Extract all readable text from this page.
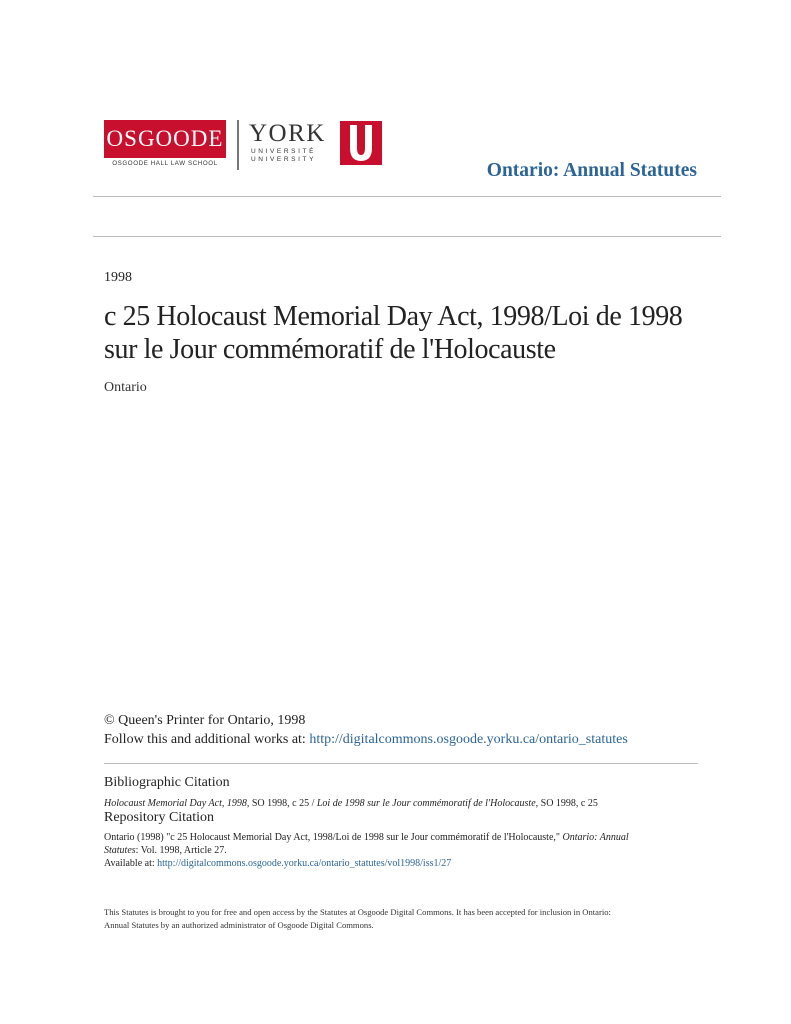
OSGOODE
OSGOODE HALL LAW SCHOOL
YORK
UNIVERSITÉ
UNIVERSITY
Ontario: Annual Statutes
1998
c 25 Holocaust Memorial Day Act, 1998/Loi de 1998 sur le Jour commémoratif de l'Holocauste
Ontario
© Queen's Printer for Ontario, 1998
Follow this and additional works at: http://digitalcommons.osgoode.yorku.ca/ontario_statutes
Bibliographic Citation
Holocaust Memorial Day Act, 1998, SO 1998, c 25 / Loi de 1998 sur le Jour commémoratif de l'Holocauste, SO 1998, c 25
Repository Citation
Ontario (1998) "c 25 Holocaust Memorial Day Act, 1998/Loi de 1998 sur le Jour commémoratif de l'Holocauste," Ontario: Annual
Statutes: Vol. 1998, Article 27.
Available at: http://digitalcommons.osgoode.yorku.ca/ontario_statutes/vol1998/iss1/27
This Statutes is brought to you for free and open access by the Statutes at Osgoode Digital Commons. It has been accepted for inclusion in Ontario:
Annual Statutes by an authorized administrator of Osgoode Digital Commons.
